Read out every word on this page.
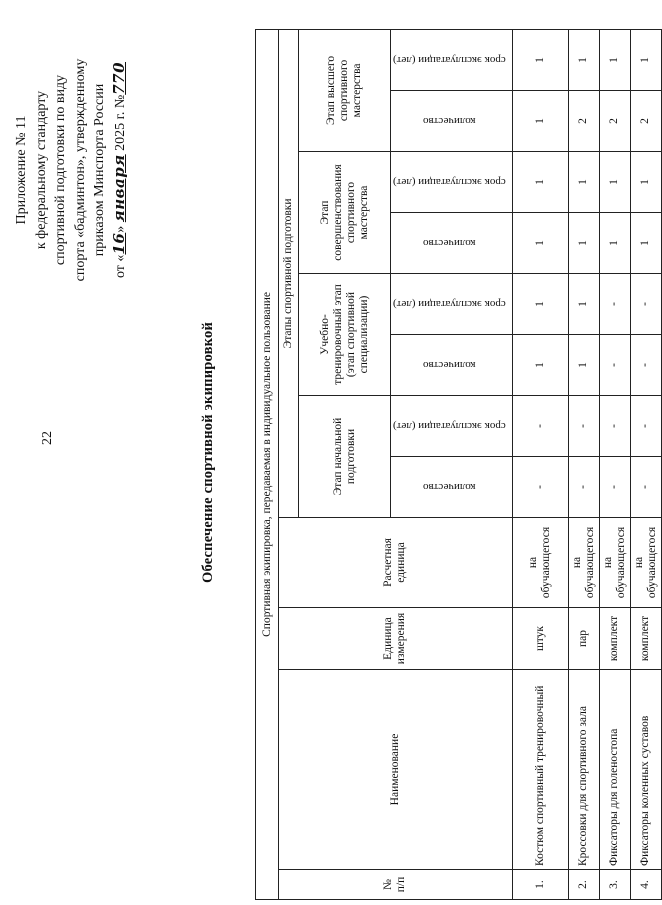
22
Приложение № 11 к федеральному стандарту спортивной подготовки по виду спорта «бадминтон», утвержденному приказом Минспорта России
от «16» января 2025 г. №770
Обеспечение спортивной экипировкой	Спортивная экипировка, передаваемая в индивидуальное пользование											
№ п/п	Наименование	Единица измерения	Расчетная единица	Этапы спортивной подготовки							
				Этап начальной подготовки		Учебно-тренировочный этап (этап спортивной специализации)		Этап совершенствования спортивного мастерства		Этап высшего спортивного мастерства	
				количество	срок эксплуатации (лет)	количество	срок эксплуатации (лет)	количество	срок эксплуатации (лет)	количество	срок эксплуатации (лет)
1.	Костюм спортивный тренировочный	штук	на обучающегося	-	-	1	1	1	1	1	1
2.	Кроссовки для спортивного зала	пар	на обучающегося	-	-	1	1	1	1	2	1
3.	Фиксаторы для голеностопа	комплект	на обучающегося	-	-	-	-	1	1	2	1
4.	Фиксаторы коленных суставов	комплект	на обучающегося	-	-	-	-	1	1	2	1
